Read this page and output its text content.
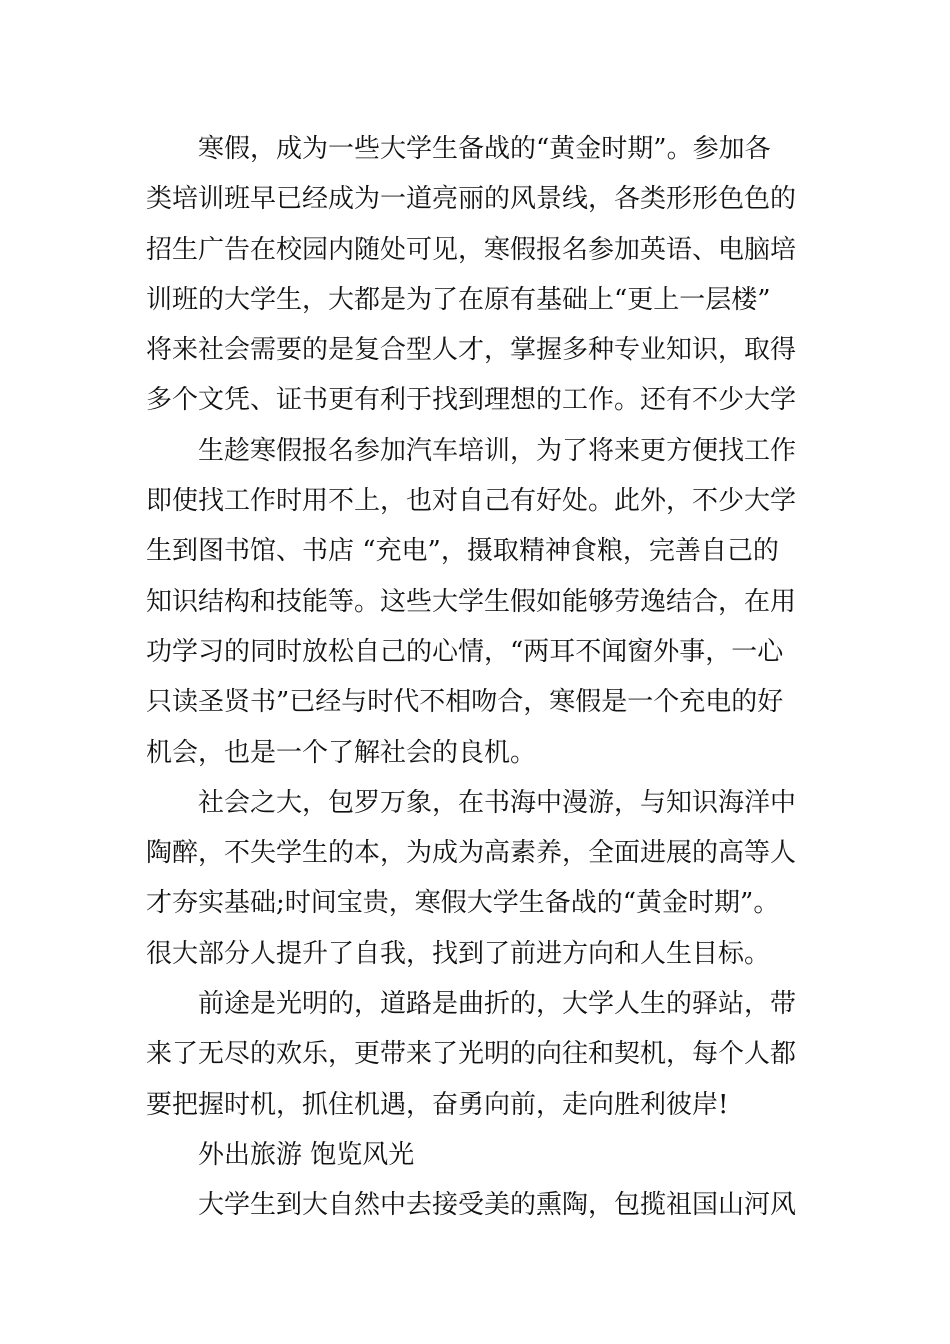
寒假，成为一些大学生备战的“黄金时期”。参加各
类培训班早已经成为一道亮丽的风景线，各类形形色色的
招生广告在校园内随处可见，寒假报名参加英语、电脑培
训班的大学生，大都是为了在原有基础上“更上一层楼”
将来社会需要的是复合型人才，掌握多种专业知识，取得
多个文凭、证书更有利于找到理想的工作。还有不少大学
生趁寒假报名参加汽车培训，为了将来更方便找工作
即使找工作时用不上，也对自己有好处。此外，不少大学
生到图书馆、书店 “充电”，摄取精神食粮，完善自己的
知识结构和技能等。这些大学生假如能够劳逸结合，在用
功学习的同时放松自己的心情，“两耳不闻窗外事，一心
只读圣贤书”已经与时代不相吻合，寒假是一个充电的好
机会，也是一个了解社会的良机。
社会之大，包罗万象，在书海中漫游，与知识海洋中
陶醉，不失学生的本，为成为高素养，全面进展的高等人
才夯实基础;时间宝贵，寒假大学生备战的“黄金时期”。
很大部分人提升了自我，找到了前进方向和人生目标。
前途是光明的，道路是曲折的，大学人生的驿站，带
来了无尽的欢乐，更带来了光明的向往和契机，每个人都
要把握时机，抓住机遇，奋勇向前，走向胜利彼岸!
外出旅游 饱览风光
大学生到大自然中去接受美的熏陶，包揽祖国山河风
